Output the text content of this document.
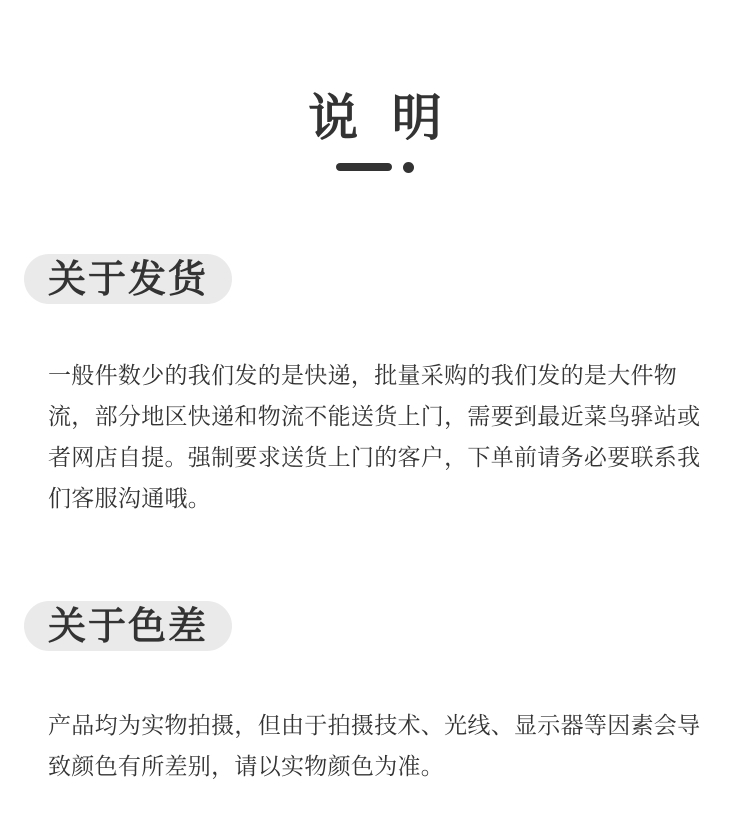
说 明
关于发货

一般件数少的我们发的是快递，批量采购的我们发的是大件物流，部分地区快递和物流不能送货上门，需要到最近菜鸟驿站或者网店自提。强制要求送货上门的客户，下单前请务必要联系我们客服沟通哦。

关于色差

产品均为实物拍摄，但由于拍摄技术、光线、显示器等因素会导致颜色有所差别，请以实物颜色为准。
